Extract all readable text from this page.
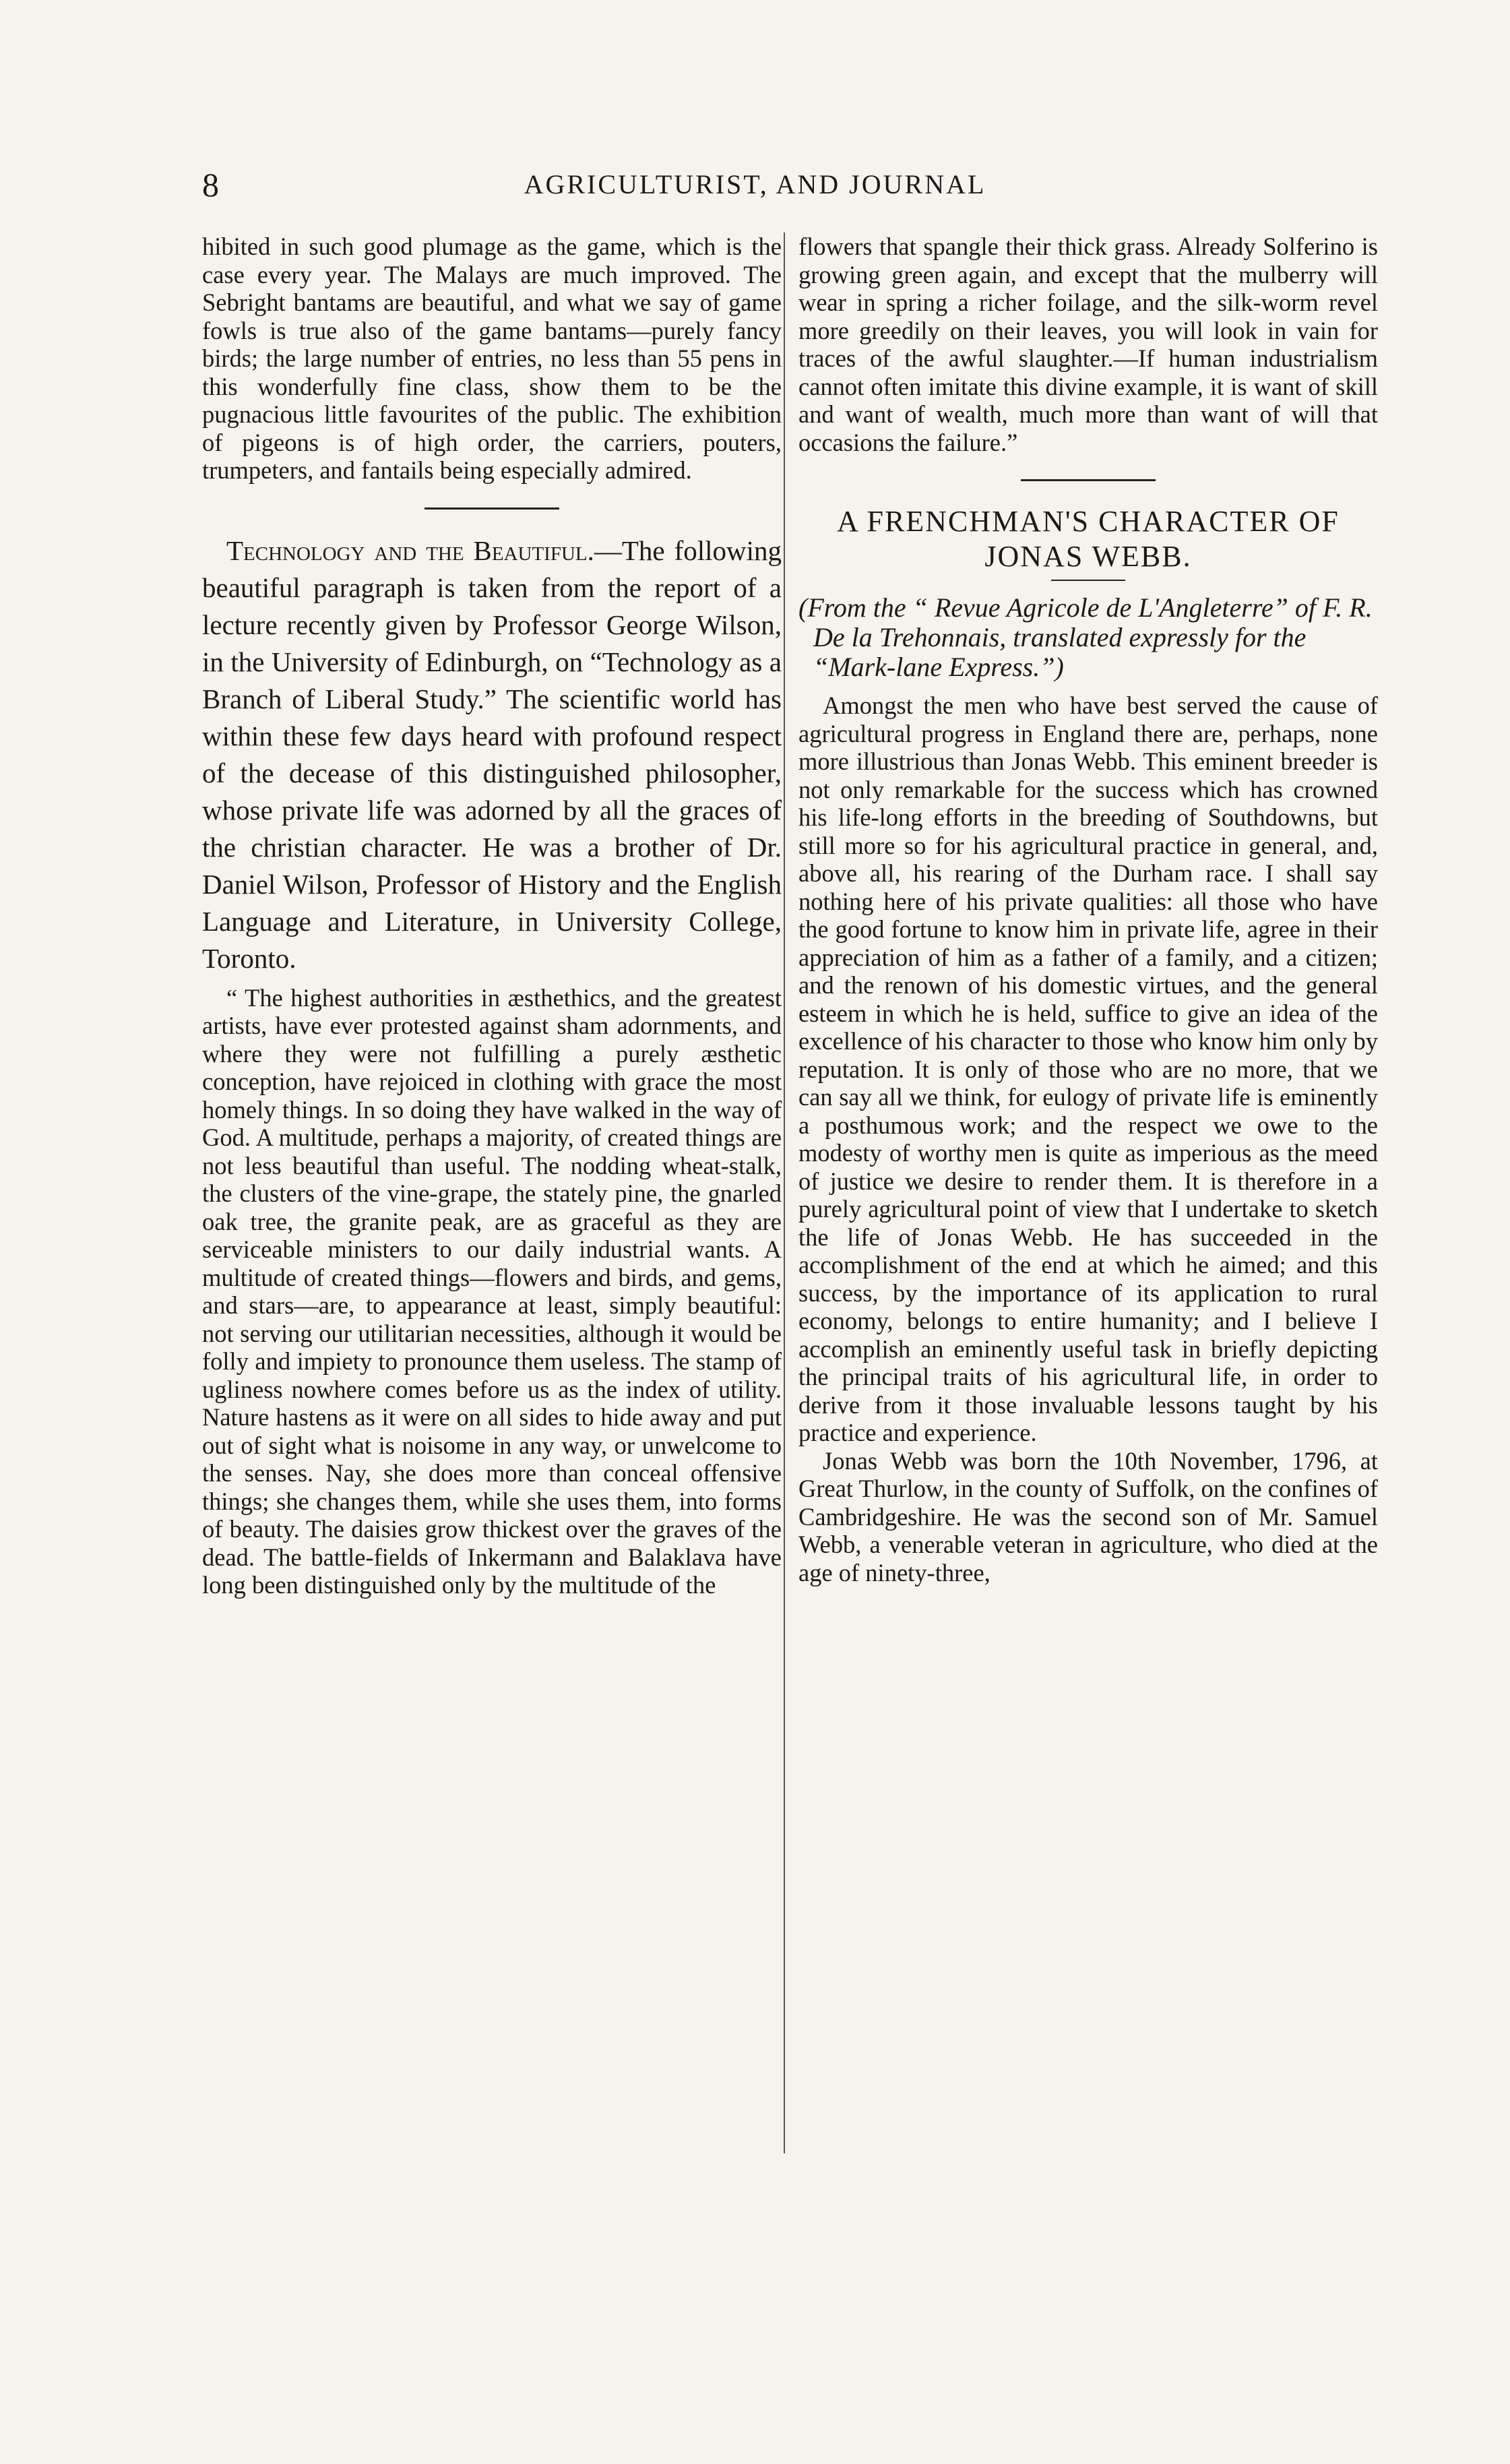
8	AGRICULTURIST, AND JOURNAL

hibited in such good plumage as the game, which is the case every year. The Malays are much improved. The Sebright bantams are beautiful, and what we say of game fowls is true also of the game bantams—purely fancy birds; the large number of entries, no less than 55 pens in this wonderfully fine class, show them to be the pugnacious little favourites of the public. The exhibition of pigeons is of high order, the carriers, pouters, trumpeters, and fantails being especially admired.

Technology and the Beautiful.—The following beautiful paragraph is taken from the report of a lecture recently given by Professor George Wilson, in the University of Edinburgh, on “Technology as a Branch of Liberal Study.” The scientific world has within these few days heard with profound respect of the decease of this distinguished philosopher, whose private life was adorned by all the graces of the christian character. He was a brother of Dr. Daniel Wilson, Professor of History and the English Language and Literature, in University College, Toronto.

“ The highest authorities in æsthethics, and the greatest artists, have ever protested against sham adornments, and where they were not fulfilling a purely æsthetic conception, have rejoiced in clothing with grace the most homely things. In so doing they have walked in the way of God. A multitude, perhaps a majority, of created things are not less beautiful than useful. The nodding wheat-stalk, the clusters of the vine-grape, the stately pine, the gnarled oak tree, the granite peak, are as graceful as they are serviceable ministers to our daily industrial wants. A multitude of created things—flowers and birds, and gems, and stars—are, to appearance at least, simply beautiful: not serving our utilitarian necessities, although it would be folly and impiety to pronounce them useless. The stamp of ugliness nowhere comes before us as the index of utility. Nature hastens as it were on all sides to hide away and put out of sight what is noisome in any way, or unwelcome to the senses. Nay, she does more than conceal offensive things; she changes them, while she uses them, into forms of beauty. The daisies grow thickest over the graves of the dead. The battle-fields of Inkermann and Balaklava have long been distinguished only by the multitude of the

flowers that spangle their thick grass. Already Solferino is growing green again, and except that the mulberry will wear in spring a richer foilage, and the silk-worm revel more greedily on their leaves, you will look in vain for traces of the awful slaughter.—If human industrialism cannot often imitate this divine example, it is want of skill and want of wealth, much more than want of will that occasions the failure.”

A FRENCHMAN'S CHARACTER OF
JONAS WEBB.

(From the “ Revue Agricole de L'Angleterre” of F. R. De la Trehonnais, translated expressly for the “Mark-lane Express.”)

Amongst the men who have best served the cause of agricultural progress in England there are, perhaps, none more illustrious than Jonas Webb. This eminent breeder is not only remarkable for the success which has crowned his life-long efforts in the breeding of Southdowns, but still more so for his agricultural practice in general, and, above all, his rearing of the Durham race. I shall say nothing here of his private qualities: all those who have the good fortune to know him in private life, agree in their appreciation of him as a father of a family, and a citizen; and the renown of his domestic virtues, and the general esteem in which he is held, suffice to give an idea of the excellence of his character to those who know him only by reputation. It is only of those who are no more, that we can say all we think, for eulogy of private life is eminently a posthumous work; and the respect we owe to the modesty of worthy men is quite as imperious as the meed of justice we desire to render them. It is therefore in a purely agricultural point of view that I undertake to sketch the life of Jonas Webb. He has succeeded in the accomplishment of the end at which he aimed; and this success, by the importance of its application to rural economy, belongs to entire humanity; and I believe I accomplish an eminently useful task in briefly depicting the principal traits of his agricultural life, in order to derive from it those invaluable lessons taught by his practice and experience.

Jonas Webb was born the 10th November, 1796, at Great Thurlow, in the county of Suffolk, on the confines of Cambridgeshire. He was the second son of Mr. Samuel Webb, a venerable veteran in agriculture, who died at the age of ninety-three,
